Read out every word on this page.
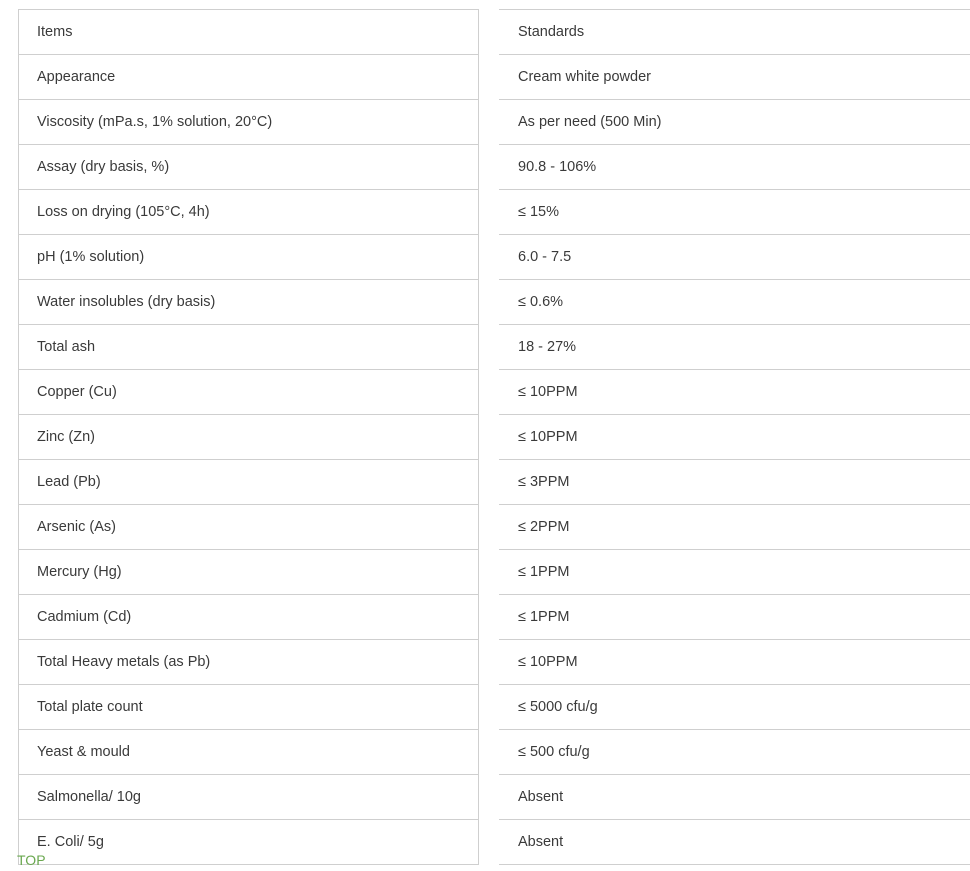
Items		Standards
Appearance		Cream white powder
Viscosity (mPa.s, 1% solution, 20°C)		As per need (500 Min)
Assay (dry basis, %)		90.8 - 106%
Loss on drying (105°C, 4h)		≤ 15%
pH (1% solution)		6.0 - 7.5
Water insolubles (dry basis)		≤ 0.6%
Total ash		18 - 27%
Copper (Cu)		≤ 10PPM
Zinc (Zn)		≤ 10PPM
Lead (Pb)		≤ 3PPM
Arsenic (As)		≤ 2PPM
Mercury (Hg)		≤ 1PPM
Cadmium (Cd)		≤ 1PPM
Total Heavy metals (as Pb)		≤ 10PPM
Total plate count		≤ 5000 cfu/g
Yeast & mould		≤ 500 cfu/g
Salmonella/ 10g		Absent
E. Coli/ 5g		Absent
TOP
